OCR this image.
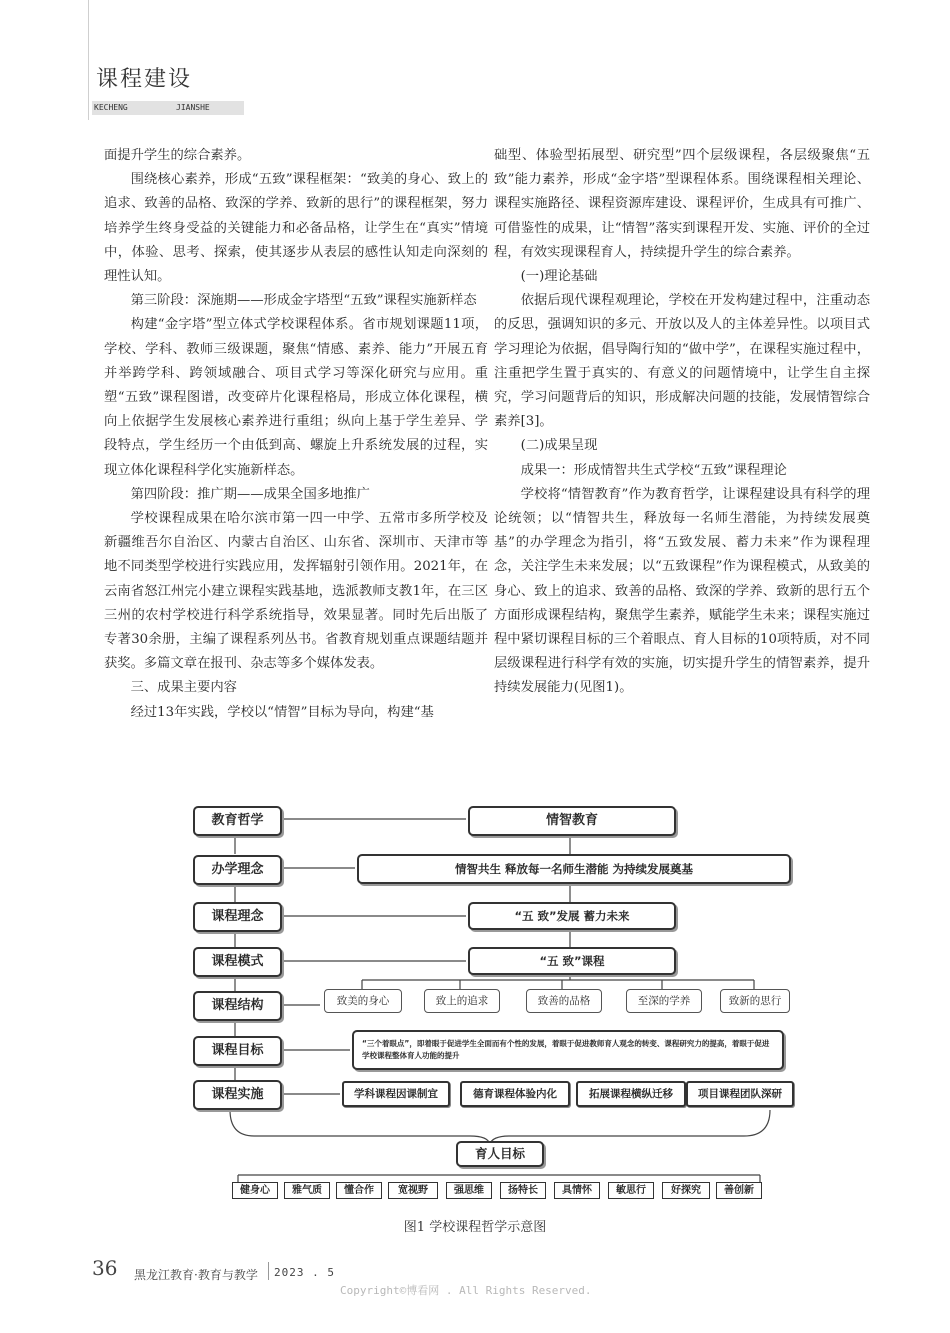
课程建设
KECHENG	JIANSHE

面提升学生的综合素养。

围绕核心素养，形成“五致”课程框架：“致美的身心、致上的追求、致善的品格、致深的学养、致新的思行”的课程框架，努力培养学生终身受益的关键能力和必备品格，让学生在“真实”情境中，体验、思考、探索，使其逐步从表层的感性认知走向深刻的理性认知。

第三阶段：深施期——形成金字塔型“五致”课程实施新样态

构建“金字塔”型立体式学校课程体系。省市规划课题11项，学校、学科、教师三级课题，聚焦“情感、素养、能力”开展五育并举跨学科、跨领域融合、项目式学习等深化研究与应用。重塑“五致”课程图谱，改变碎片化课程格局，形成立体化课程，横向上依据学生发展核心素养进行重组；纵向上基于学生差异、学段特点，学生经历一个由低到高、螺旋上升系统发展的过程，实现立体化课程科学化实施新样态。

第四阶段：推广期——成果全国多地推广

学校课程成果在哈尔滨市第一四一中学、五常市多所学校及新疆维吾尔自治区、内蒙古自治区、山东省、深圳市、天津市等地不同类型学校进行实践应用，发挥辐射引领作用。2021年，在云南省怒江州完小建立课程实践基地，选派教师支教1年，在三区三州的农村学校进行科学系统指导，效果显著。同时先后出版了专著30余册，主编了课程系列丛书。省教育规划重点课题结题并获奖。多篇文章在报刊、杂志等多个媒体发表。

三、成果主要内容

经过13年实践，学校以“情智”目标为导向，构建“基

础型、体验型拓展型、研究型”四个层级课程，各层级聚焦“五致”能力素养，形成“金字塔”型课程体系。围绕课程相关理论、课程实施路径、课程资源库建设、课程评价，生成具有可推广、可借鉴性的成果，让“情智”落实到课程开发、实施、评价的全过程，有效实现课程育人，持续提升学生的综合素养。

(一)理论基础

依据后现代课程观理论，学校在开发构建过程中，注重动态的反思，强调知识的多元、开放以及人的主体差异性。以项目式学习理论为依据，倡导陶行知的“做中学”，在课程实施过程中，注重把学生置于真实的、有意义的问题情境中，让学生自主探究，学习问题背后的知识，形成解决问题的技能，发展情智综合素养[3]。

(二)成果呈现

成果一：形成情智共生式学校“五致”课程理论

学校将“情智教育”作为教育哲学，让课程建设具有科学的理论统领；以“情智共生，释放每一名师生潜能，为持续发展奠基”的办学理念为指引，将“五致发展、蓄力未来”作为课程理念，关注学生未来发展；以“五致课程”作为课程模式，从致美的身心、致上的追求、致善的品格、致深的学养、致新的思行五个方面形成课程结构，聚焦学生素养，赋能学生未来；课程实施过程中紧切课程目标的三个着眼点、育人目标的10项特质，对不同层级课程进行科学有效的实施，切实提升学生的情智素养，提升持续发展能力(见图1)。

教育哲学
办学理念
课程理念
课程模式
课程结构
课程目标
课程实施
情智教育
情智共生 释放每一名师生潜能 为持续发展奠基
“五 致”发展 蓄力未来
“五 致”课程
致美的身心	致上的追求	致善的品格	至深的学养	致新的思行
“三个着眼点”，即着眼于促进学生全面而有个性的发展，着眼于促进教师育人观念的转变、课程研究力的提高，着眼于促进学校课程整体育人功能的提升
学科课程因课制宜	德育课程体验内化	拓展课程横纵迁移	项目课程团队深研
育人目标
健身心	雅气质	懂合作	宽视野	强思维	扬特长	具情怀	敏思行	好探究	善创新
图1 学校课程哲学示意图
36 黑龙江教育·教育与教学 2023 . 5
Copyright©博看网 . All Rights Reserved.
